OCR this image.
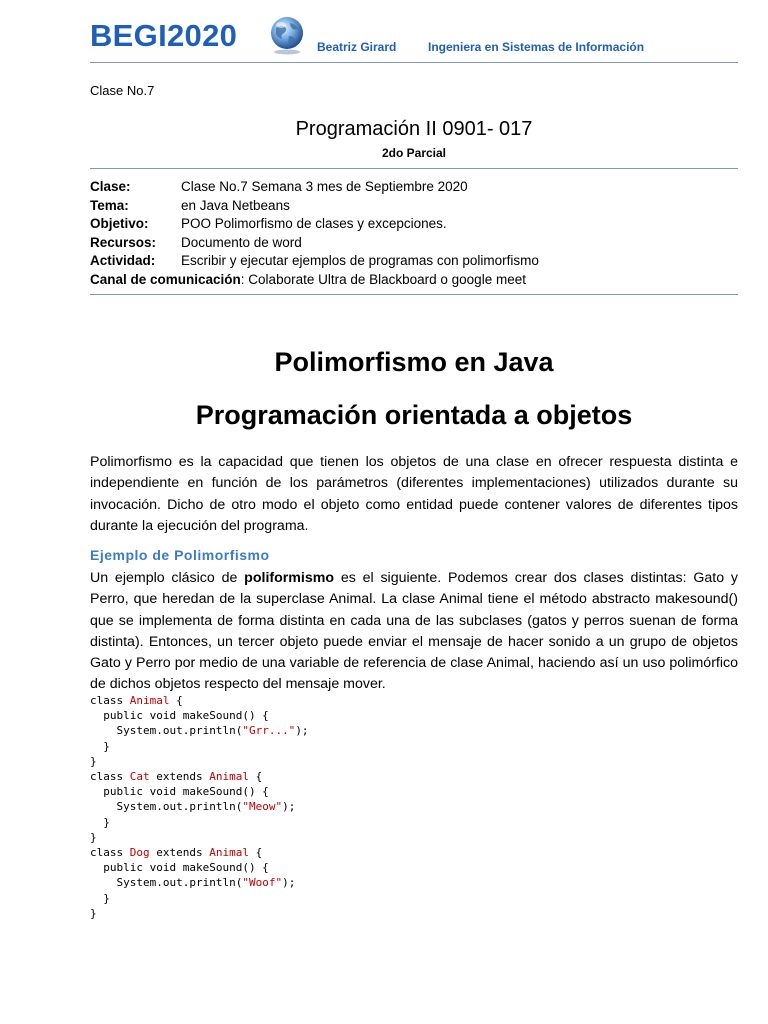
BEGI2020	Beatriz Girard	Ingeniera en Sistemas de Información
Clase No.7
Programación II 0901- 017
2do Parcial
Clase:	Clase No.7 Semana 3 mes de Septiembre 2020
Tema:	en Java Netbeans
Objetivo:	POO Polimorfismo de clases y excepciones.
Recursos:	Documento de word
Actividad:	Escribir y ejecutar ejemplos de programas con polimorfismo
Canal de comunicación : Colaborate Ultra de Blackboard o google meet
Polimorfismo en Java
Programación orientada a objetos
Polimorfismo es la capacidad que tienen los objetos de una clase en ofrecer respuesta distinta e independiente en función de los parámetros (diferentes implementaciones) utilizados durante su invocación. Dicho de otro modo el objeto como entidad puede contener valores de diferentes tipos durante la ejecución del programa.
Ejemplo de Polimorfismo
Un ejemplo clásico de poliformismo es el siguiente. Podemos crear dos clases distintas: Gato y Perro, que heredan de la superclase Animal. La clase Animal tiene el método abstracto makesound() que se implementa de forma distinta en cada una de las subclases (gatos y perros suenan de forma distinta). Entonces, un tercer objeto puede enviar el mensaje de hacer sonido a un grupo de objetos Gato y Perro por medio de una variable de referencia de clase Animal, haciendo así un uso polimórfico de dichos objetos respecto del mensaje mover.
class Animal {
public void makeSound() {
System.out.println("Grr...");
}
}
class Cat extends Animal {
public void makeSound() {
System.out.println("Meow");
}
}
class Dog extends Animal {
public void makeSound() {
System.out.println("Woof");
}
}
